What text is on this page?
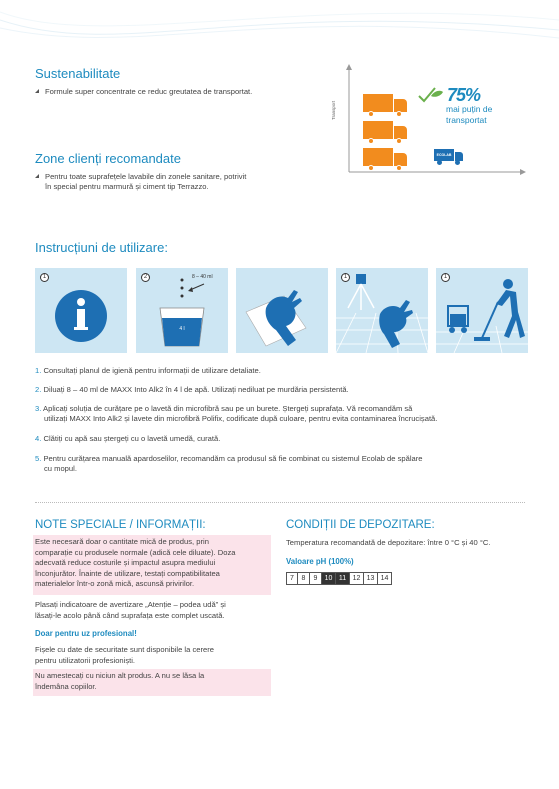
Sustenabilitate
Formule super concentrate ce reduc greutatea de transportat.
Zone clienți recomandate
Pentru toate suprafețele lavabile din zonele sanitare, potrivit
în special pentru marmură și ciment tip Terrazzo.
Transport
ECOLAB
75%
mai puțin de
transportat
Instrucțiuni de utilizare:
1	2	8 – 40 ml
4 l
1	1
1. Consultați planul de igienă pentru informații de utilizare detaliate.
2. Diluați 8 – 40 ml de MAXX Into Alk2 în 4 l de apă. Utilizați nediluat pe murdăria persistentă.
3. Aplicați soluția de curățare pe o lavetă din microfibră sau pe un burete. Ștergeți suprafața. Vă recomandăm să
utilizați MAXX Into Alk2 și lavete din microfibră Polifix, codificate după culoare, pentru evita contaminarea încrucișată.
4. Clătiți cu apă sau ștergeți cu o lavetă umedă, curată.
5. Pentru curățarea manuală apardoselilor, recomandăm ca produsul să fie combinat cu sistemul Ecolab de spălare
cu mopul.
NOTE SPECIALE / INFORMAȚII:
Este necesară doar o cantitate mică de produs, prin
comparație cu produsele normale (adică cele diluate). Doza
adecvată reduce costurile și impactul asupra mediului
înconjurător. Înainte de utilizare, testați compatibilitatea
materialelor într-o zonă mică, ascunsă privirilor.
Plasați indicatoare de avertizare „Atenție – podea udă” și
lăsați-le acolo până când suprafața este complet uscată.
Doar pentru uz profesional!
Fișele cu date de securitate sunt disponibile la cerere
pentru utilizatorii profesioniști.
Nu amestecați cu niciun alt produs. A nu se lăsa la
îndemâna copiilor.
CONDIȚII DE DEPOZITARE:
Temperatura recomandată de depozitare: între 0 °C și 40 °C.
Valoare pH (100%)
7	8	9	10 11 12 13 14
